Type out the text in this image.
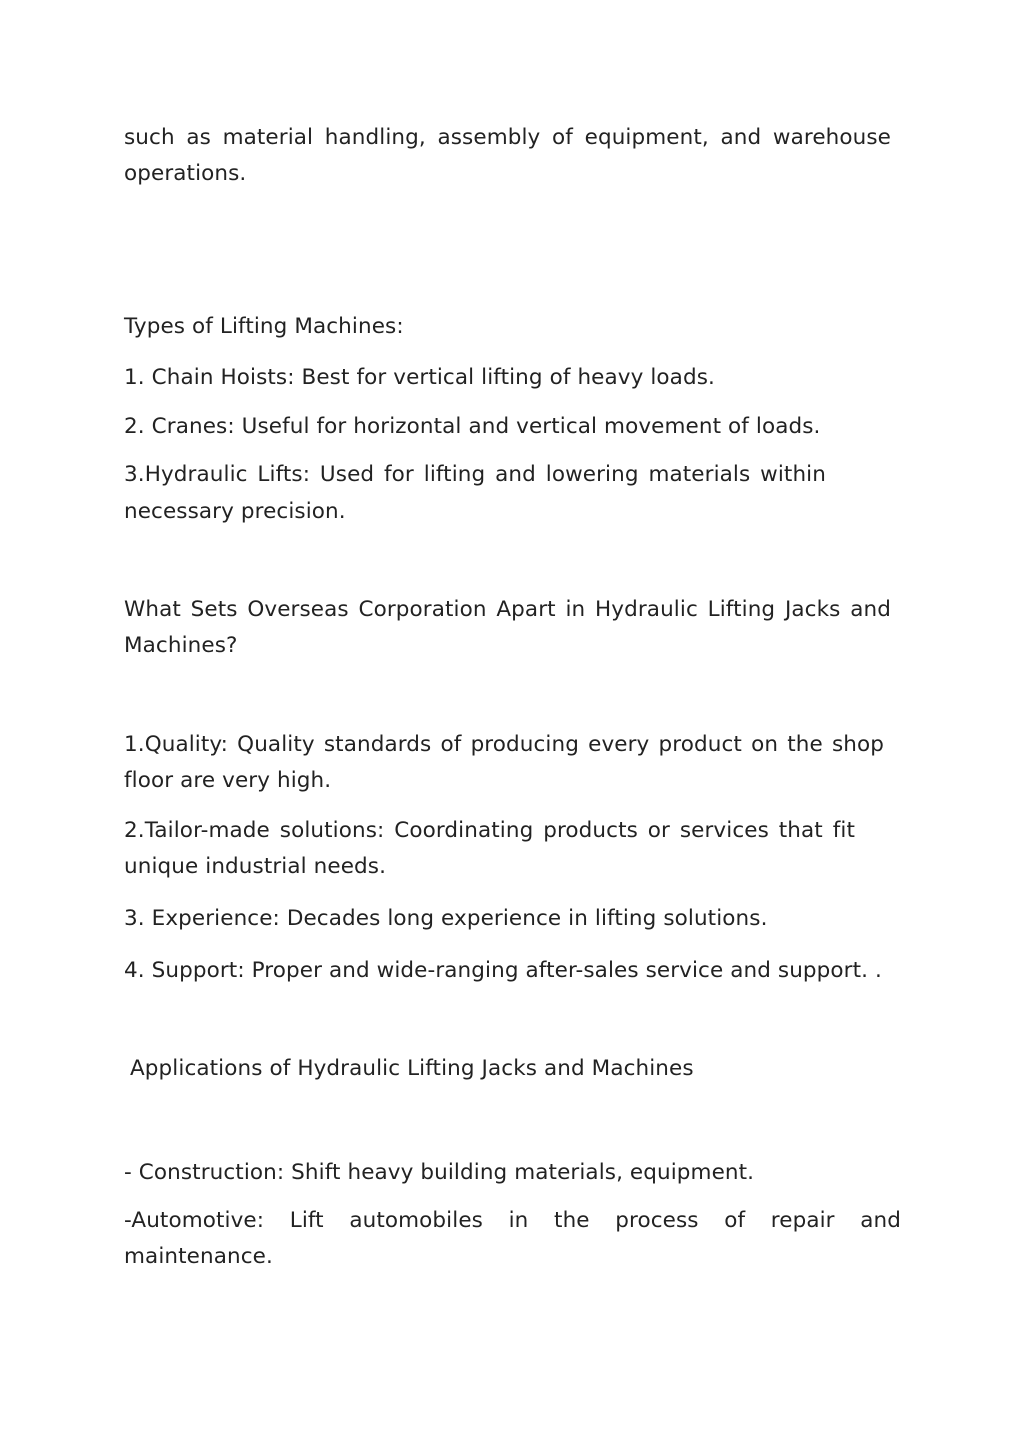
such as material handling, assembly of equipment, and warehouse
operations.
Types of Lifting Machines:
1. Chain Hoists: Best for vertical lifting of heavy loads.
2. Cranes: Useful for horizontal and vertical movement of loads.
3.Hydraulic Lifts: Used for lifting and lowering materials within
necessary precision.
What Sets Overseas Corporation Apart in Hydraulic Lifting Jacks and
Machines?
1.Quality: Quality standards of producing every product on the shop
floor are very high.
2.Tailor-made solutions: Coordinating products or services that fit
unique industrial needs.
3. Experience: Decades long experience in lifting solutions.
4. Support: Proper and wide-ranging after-sales service and support. .
Applications of Hydraulic Lifting Jacks and Machines
- Construction: Shift heavy building materials, equipment.
-Automotive: Lift automobiles in the process of repair and
maintenance.
